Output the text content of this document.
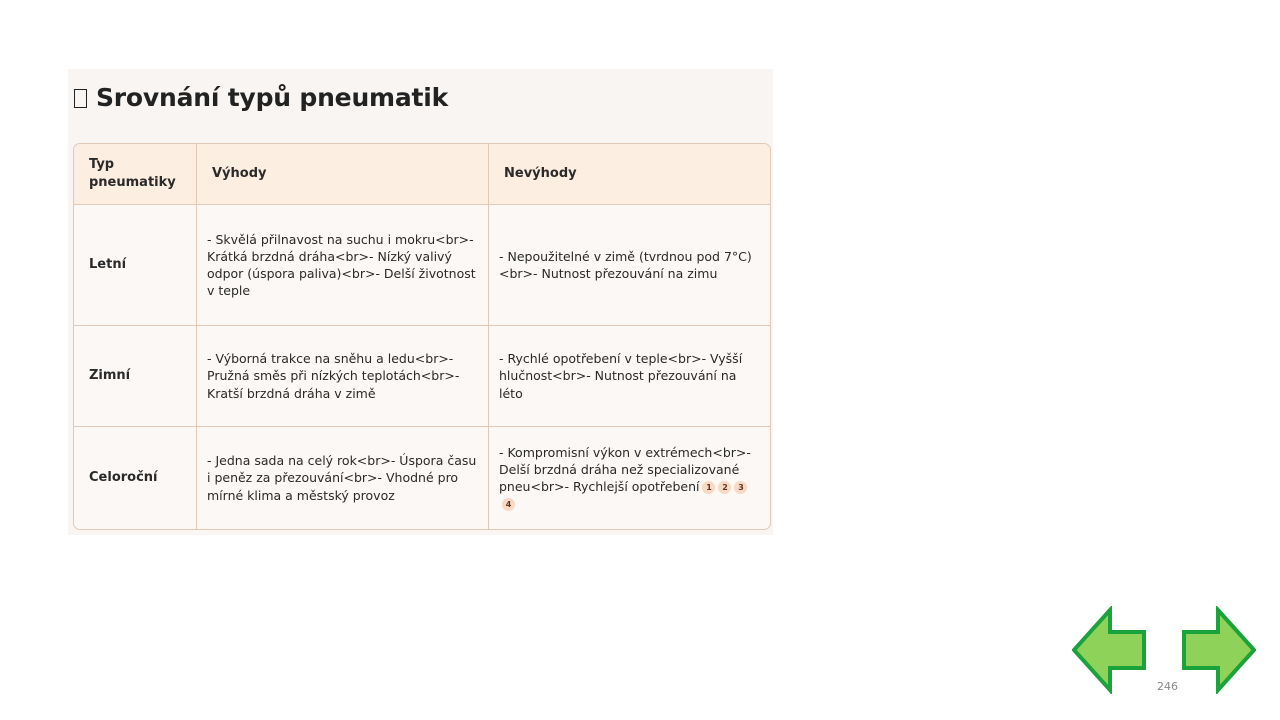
Srovnání typů pneumatik
Typ pneumatiky	Výhody	Nevýhody
Letní	- Skvělá přilnavost na suchu i mokru<br>- Krátká brzdná dráha<br>- Nízký valivý odpor (úspora paliva)<br>- Delší životnost v teple	- Nepoužitelné v zimě (tvrdnou pod 7°C)<br>- Nutnost přezouvání na zimu
Zimní	- Výborná trakce na sněhu a ledu<br>- Pružná směs při nízkých teplotách<br>- Kratší brzdná dráha v zimě	- Rychlé opotřebení v teple<br>- Vyšší hlučnost<br>- Nutnost přezouvání na léto
Celoroční	- Jedna sada na celý rok<br>- Úspora času i peněz za přezouvání<br>- Vhodné pro mírné klima a městský provoz	- Kompromisní výkon v extrémech<br>- Delší brzdná dráha než specializované pneu<br>- Rychlejší opotřebení 1 2 34
246
